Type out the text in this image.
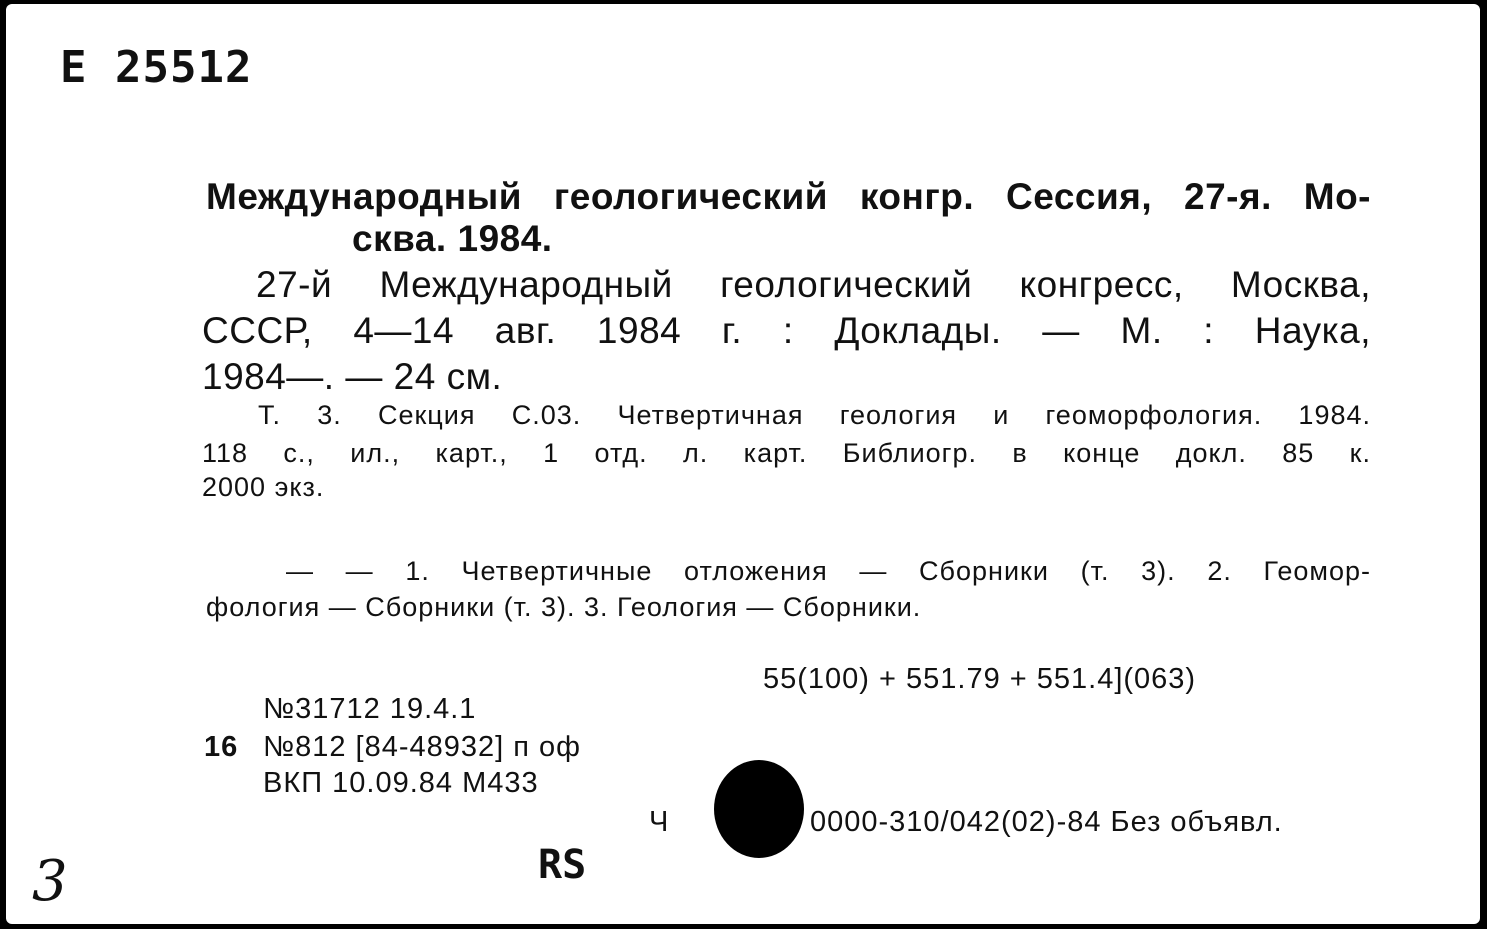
Е 25512
Международный геологический конгр. Сессия, 27-я. Мо-
сква. 1984.
27-й Международный геологический конгресс, Москва,
СССР, 4—14 авг. 1984 г. : Доклады. — М. : Наука,
1984—. — 24 см.
Т. 3. Секция С.03. Четвертичная геология и геоморфология. 1984.
118 с., ил., карт., 1 отд. л. карт. Библиогр. в конце докл. 85 к.
2000 экз.
— — 1. Четвертичные отложения — Сборники (т. 3). 2. Геомор-
фология — Сборники (т. 3). 3. Геология — Сборники.
55(100) + 551.79 + 551.4](063)
№31712 19.4.1
16 №812 [84-48932] п оф
ВКП 10.09.84 М433
Ч	0000-310/042(02)-84 Без объявл.
3	RS
